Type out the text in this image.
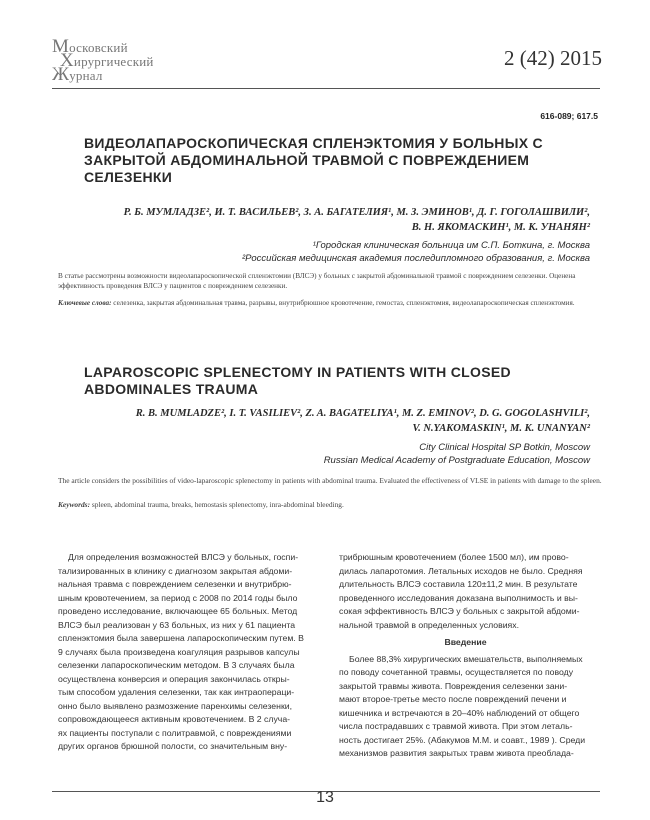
Московский
Хирургический
Журнал
2 (42) 2015
616-089; 617.5
ВИДЕОЛАПАРОСКОПИЧЕСКАЯ СПЛЕНЭКТОМИЯ У БОЛЬНЫХ С ЗАКРЫТОЙ АБДОМИНАЛЬНОЙ ТРАВМОЙ С ПОВРЕЖДЕНИЕМ СЕЛЕЗЕНКИ
Р. Б. МУМЛАДЗЕ², И. Т. ВАСИЛЬЕВ², З. А. БАГАТЕЛИЯ¹, М. З. ЭМИНОВ¹, Д. Г. ГОГОЛАШВИЛИ²,
В. Н. ЯКОМАСКИН¹, М. К. УНАНЯН²
¹Городская клиническая больница им С.П. Боткина, г. Москва
²Российская медицинская академия последипломного образования, г. Москва
В статье рассмотрены возможности видеолапароскопической спленэктомии (ВЛСЭ) у больных с закрытой абдоминальной травмой с повреждением селезенки. Оценена эффективность проведения ВЛСЭ у пациентов с повреждением селезенки.
Ключевые слова: селезенка, закрытая абдоминальная травма, разрывы, внутрибрюшное кровотечение, гемостаз, спленэктомия, видеолапароскопическая спленэктомия.
LAPAROSCOPIC SPLENECTOMY IN PATIENTS WITH CLOSED ABDOMINALES TRAUMA
R. B. MUMLADZE², I. T. VASILIEV², Z. A. BAGATELIYA¹, M. Z. EMINOV², D. G. GOGOLASHVILI²,
V. N.YAKOMASKIN¹, M. K. UNANYAN²
City Clinical Hospital SP Botkin, Moscow
Russian Medical Academy of Postgraduate Education, Moscow
The article considers the possibilities of video-laparoscopic splenectomy in patients with abdominal trauma. Evaluated the effectiveness of VLSE in patients with damage to the spleen.
Keywords: spleen, abdominal trauma, breaks, hemostasis splenectomy, inra-abdominal bleeding.
Для определения возможностей ВЛСЭ у больных, госпи-
тализированных в клинику с диагнозом закрытая абдоми-
нальная травма с повреждением селезенки и внутрибрю-
шным кровотечением, за период с 2008 по 2014 годы было
проведено исследование, включающее 65 больных. Метод
ВЛСЭ был реализован у 63 больных, из них у 61 пациента
спленэктомия была завершена лапароскопическим путем. В
9 случаях была произведена коагуляция разрывов капсулы
селезенки лапароскопическим методом. В 3 случаях была
осуществлена конверсия и операция закончилась откры-
тым способом удаления селезенки, так как интраопераци-
онно было выявлено размозжение паренхимы селезенки,
сопровождающееся активным кровотечением. В 2 случа-
ях пациенты поступали с политравмой, с повреждениями
других органов брюшной полости, со значительным вну-
трибрюшным кровотечением (более 1500 мл), им прово-
дилась лапаротомия. Летальных исходов не было. Средняя
длительность ВЛСЭ составила 120±11,2 мин. В результате
проведенного исследования доказана выполнимость и вы-
сокая эффективность ВЛСЭ у больных с закрытой абдоми-
нальной травмой в определенных условиях.
Введение
Более 88,3% хирургических вмешательств, выполняемых
по поводу сочетанной травмы, осуществляется по поводу
закрытой травмы живота. Повреждения селезенки зани-
мают второе-третье место после повреждений печени и
кишечника и встречаются в 20–40% наблюдений от общего
числа пострадавших с травмой живота. При этом леталь-
ность достигает 25%. (Абакумов М.М. и соавт., 1989 ). Среди
механизмов развития закрытых травм живота преоблада-
13
